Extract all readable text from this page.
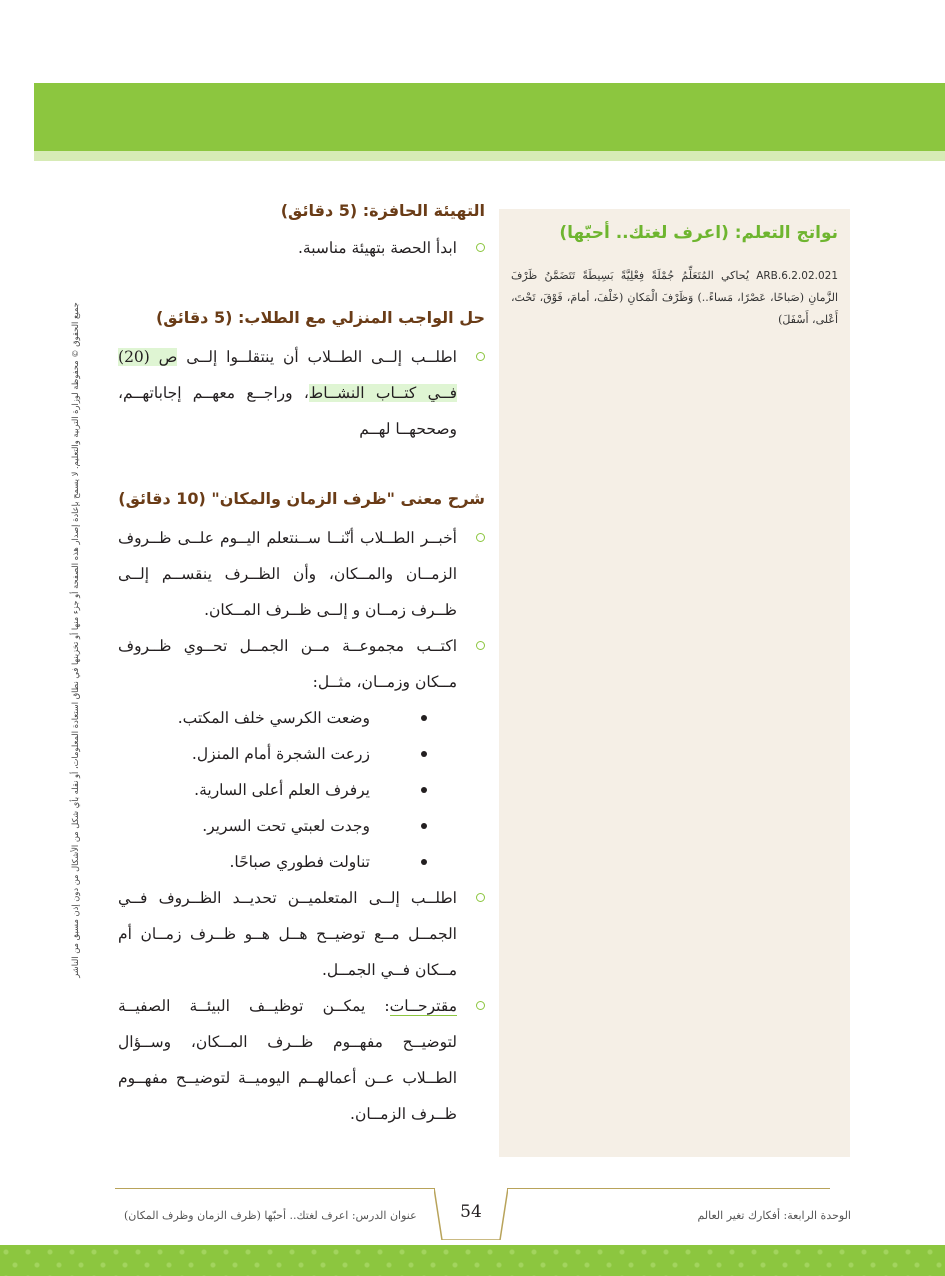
جميع الحقوق © محفوظة لوزارة التربية والتعليم. لا يسمح بإعادة إصدار هذه الصفحة أو جزء منها أو تخزينها في نطاق استعادة المعلومات، أو نقله بأي شكل من الأشكال من دون إذن مسبق من الناشر
نواتج التعلم: (اعرف لغتك.. أحبّها)

ARB.6.2.02.021 يُحاكي المُتَعَلِّمُ جُمْلَةً فِعْلِيَّةً بَسِيطَةً تَتَضَمَّنُ ظَرْفَ الزَّمانِ (صَباحًا، عَصْرًا، مَساءً..) وَظَرْفَ الْمَكانِ (خَلْفَ، أمامَ، فَوْقَ، تَحْتَ، أَعْلى، أَسْفَلَ)

التهيئة الحافزة: (5 دقائق)

ابدأ الحصة بتهيئة مناسبة.

حل الواجب المنزلي مع الطلاب: (5 دقائق)

اطلــب إلــى الطــلاب أن ينتقلــوا إلــى ص (20) فــي كتــاب النشــاط، وراجــع معهــم إجاباتهــم، وصححهــا لهــم

شرح معنى "ظرف الزمان والمكان" (10 دقائق)

أخبــر الطــلاب أنّنــا ســنتعلم اليــوم علــى ظــروف الزمــان والمــكان، وأن الظــرف ينقســم إلــى ظــرف زمــان و إلــى ظــرف المــكان.

اكتــب مجموعــة مــن الجمــل تحــوي ظــروف مــكان وزمــان، مثــل:

وضعت الكرسي خلف المكتب.
زرعت الشجرة أمام المنزل.
يرفرف العلم أعلى السارية.
وجدت لعبتي تحت السرير.
تناولت فطوري صباحًا.

اطلــب إلــى المتعلميــن تحديــد الظــروف فــي الجمــل مــع توضيــح هــل هــو ظــرف زمــان أم مــكان فــي الجمــل.

مقترحــات: يمكــن توظيــف البيئــة الصفيــة لتوضيــح مفهــوم ظــرف المــكان، وســؤال الطــلاب عــن أعمالهــم اليوميــة لتوضيــح مفهــوم ظــرف الزمــان.

54	الوحدة الرابعة: أفكارك تغير العالم
عنوان الدرس: اعرف لغتك.. أحبّها (ظرف الزمان وظرف المكان)
